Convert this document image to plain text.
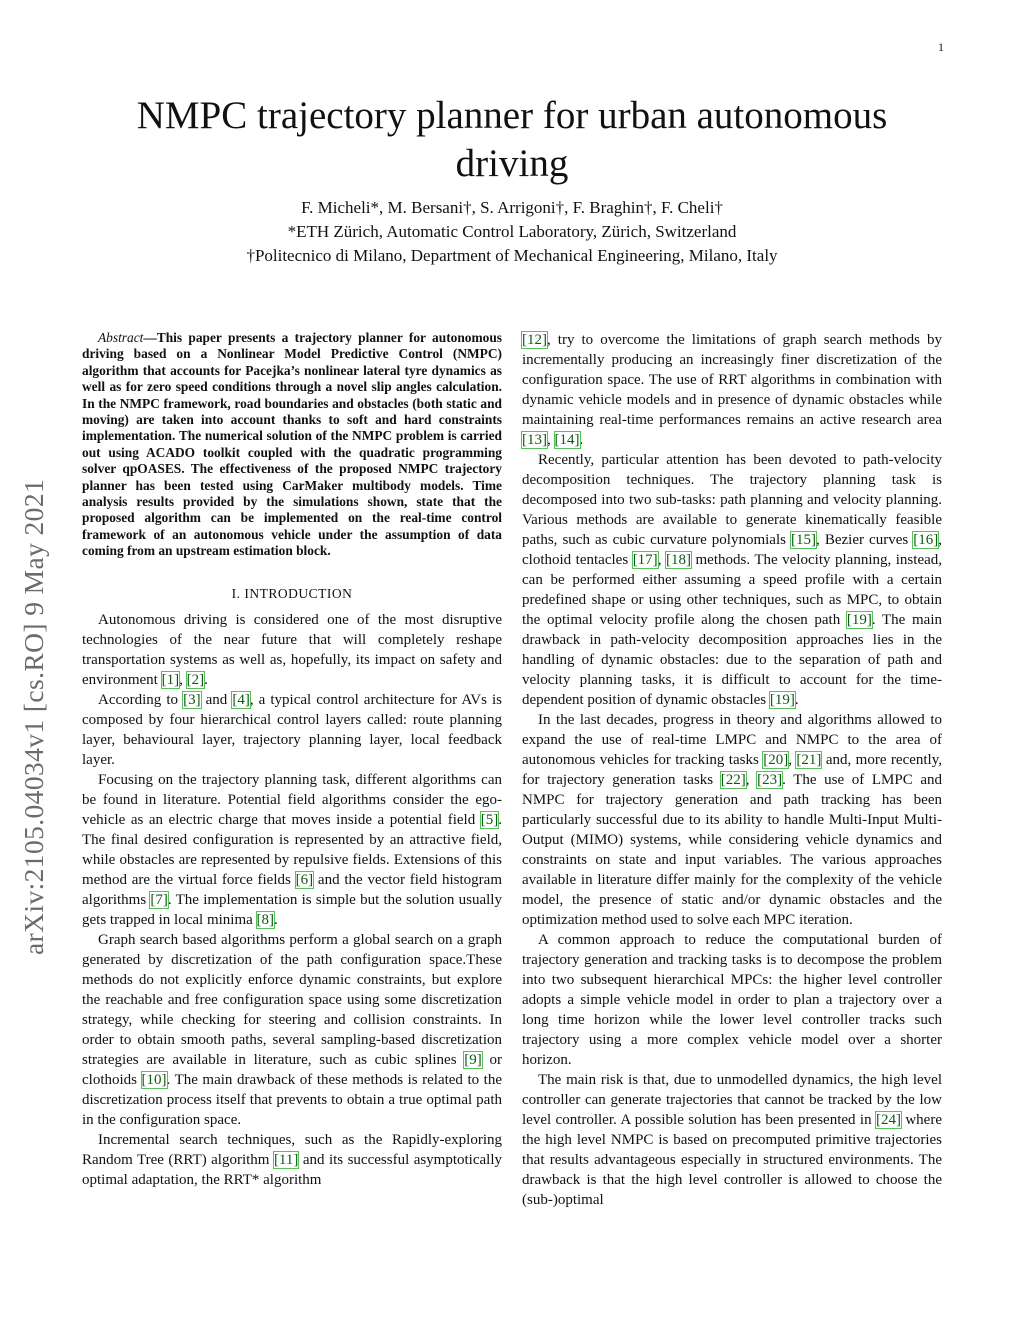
1
arXiv:2105.04034v1 [cs.RO] 9 May 2021
NMPC trajectory planner for urban autonomous driving
F. Micheli*, M. Bersani†, S. Arrigoni†, F. Braghin†, F. Cheli†
*ETH Zürich, Automatic Control Laboratory, Zürich, Switzerland
†Politecnico di Milano, Department of Mechanical Engineering, Milano, Italy

Abstract—This paper presents a trajectory planner for autonomous driving based on a Nonlinear Model Predictive Control (NMPC) algorithm that accounts for Pacejka’s nonlinear lateral tyre dynamics as well as for zero speed conditions through a novel slip angles calculation. In the NMPC framework, road boundaries and obstacles (both static and moving) are taken into account thanks to soft and hard constraints implementation. The numerical solution of the NMPC problem is carried out using ACADO toolkit coupled with the quadratic programming solver qpOASES. The effectiveness of the proposed NMPC trajectory planner has been tested using CarMaker multibody models. Time analysis results provided by the simulations shown, state that the proposed algorithm can be implemented on the real-time control framework of an autonomous vehicle under the assumption of data coming from an upstream estimation block.

I. INTRODUCTION

Autonomous driving is considered one of the most disruptive technologies of the near future that will completely reshape transportation systems as well as, hopefully, its impact on safety and environment [1], [2].

According to [3] and [4], a typical control architecture for AVs is composed by four hierarchical control layers called: route planning layer, behavioural layer, trajectory planning layer, local feedback layer.

Focusing on the trajectory planning task, different algorithms can be found in literature. Potential field algorithms consider the ego-vehicle as an electric charge that moves inside a potential field [5]. The final desired configuration is represented by an attractive field, while obstacles are represented by repulsive fields. Extensions of this method are the virtual force fields [6] and the vector field histogram algorithms [7]. The implementation is simple but the solution usually gets trapped in local minima [8].

Graph search based algorithms perform a global search on a graph generated by discretization of the path configuration space.These methods do not explicitly enforce dynamic constraints, but explore the reachable and free configuration space using some discretization strategy, while checking for steering and collision constraints. In order to obtain smooth paths, several sampling-based discretization strategies are available in literature, such as cubic splines [9] or clothoids [10]. The main drawback of these methods is related to the discretization process itself that prevents to obtain a true optimal path in the configuration space.

Incremental search techniques, such as the Rapidly-exploring Random Tree (RRT) algorithm [11] and its successful asymptotically optimal adaptation, the RRT* algorithm

[12], try to overcome the limitations of graph search methods by incrementally producing an increasingly finer discretization of the configuration space. The use of RRT algorithms in combination with dynamic vehicle models and in presence of dynamic obstacles while maintaining real-time performances remains an active research area [13], [14].

Recently, particular attention has been devoted to path-velocity decomposition techniques. The trajectory planning task is decomposed into two sub-tasks: path planning and velocity planning. Various methods are available to generate kinematically feasible paths, such as cubic curvature polynomials [15], Bezier curves [16], clothoid tentacles [17], [18] methods. The velocity planning, instead, can be performed either assuming a speed profile with a certain predefined shape or using other techniques, such as MPC, to obtain the optimal velocity profile along the chosen path [19]. The main drawback in path-velocity decomposition approaches lies in the handling of dynamic obstacles: due to the separation of path and velocity planning tasks, it is difficult to account for the time-dependent position of dynamic obstacles [19].

In the last decades, progress in theory and algorithms allowed to expand the use of real-time LMPC and NMPC to the area of autonomous vehicles for tracking tasks [20], [21] and, more recently, for trajectory generation tasks [22], [23]. The use of LMPC and NMPC for trajectory generation and path tracking has been particularly successful due to its ability to handle Multi-Input Multi-Output (MIMO) systems, while considering vehicle dynamics and constraints on state and input variables. The various approaches available in literature differ mainly for the complexity of the vehicle model, the presence of static and/or dynamic obstacles and the optimization method used to solve each MPC iteration.

A common approach to reduce the computational burden of trajectory generation and tracking tasks is to decompose the problem into two subsequent hierarchical MPCs: the higher level controller adopts a simple vehicle model in order to plan a trajectory over a long time horizon while the lower level controller tracks such trajectory using a more complex vehicle model over a shorter horizon.

The main risk is that, due to unmodelled dynamics, the high level controller can generate trajectories that cannot be tracked by the low level controller. A possible solution has been presented in [24] where the high level NMPC is based on precomputed primitive trajectories that results advantageous especially in structured environments. The drawback is that the high level controller is allowed to choose the (sub-)optimal
